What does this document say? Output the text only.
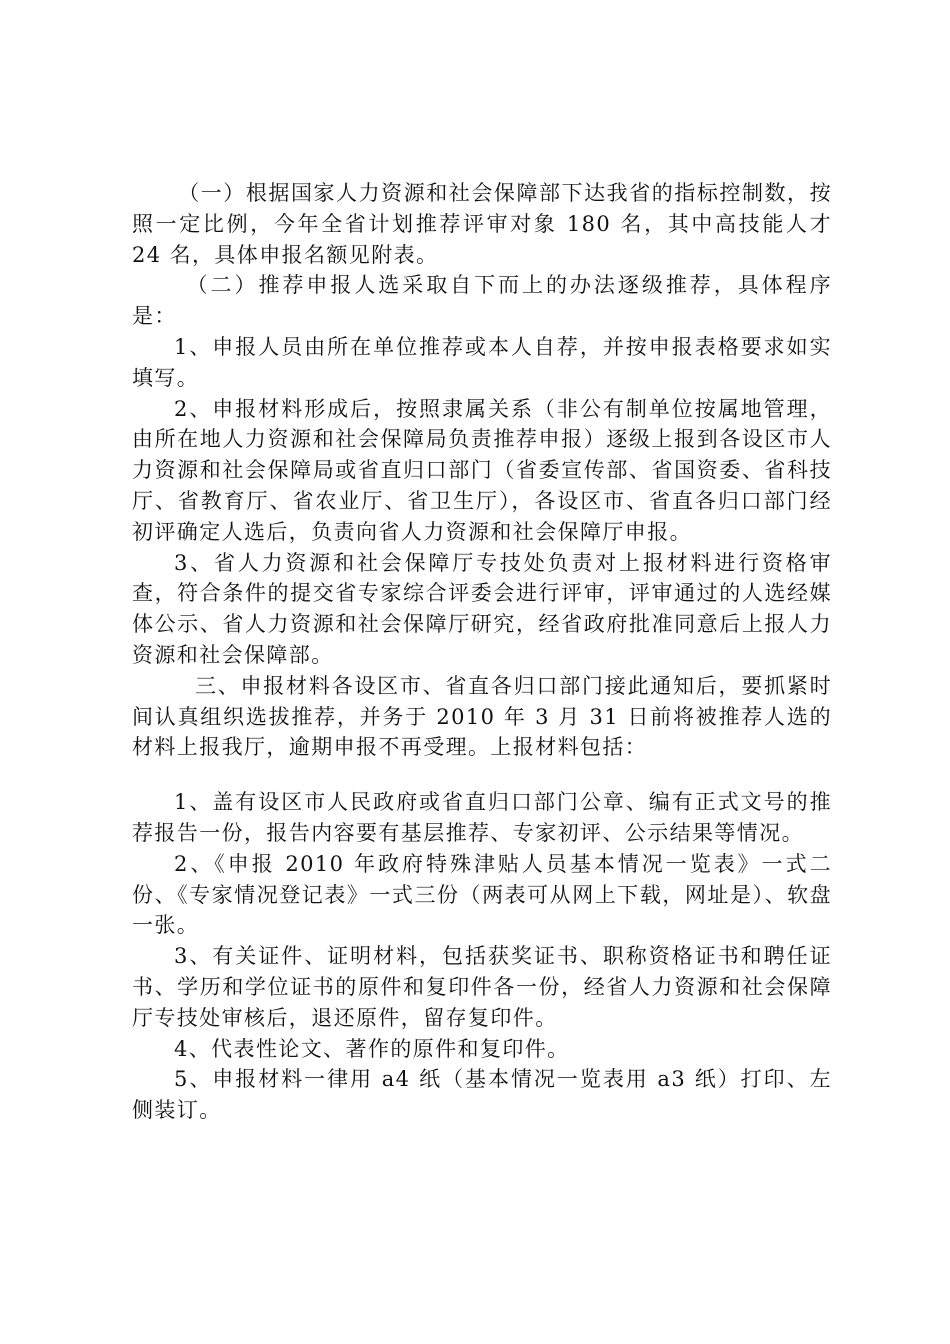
（一）根据国家人力资源和社会保障部下达我省的指标控制数，按照一定比例，今年全省计划推荐评审对象 180 名，其中高技能人才 24 名，具体申报名额见附表。

（二）推荐申报人选采取自下而上的办法逐级推荐，具体程序是：

1、申报人员由所在单位推荐或本人自荐，并按申报表格要求如实填写。

2、申报材料形成后，按照隶属关系（非公有制单位按属地管理，由所在地人力资源和社会保障局负责推荐申报）逐级上报到各设区市人力资源和社会保障局或省直归口部门（省委宣传部、省国资委、省科技厅、省教育厅、省农业厅、省卫生厅），各设区市、省直各归口部门经初评确定人选后，负责向省人力资源和社会保障厅申报。

3、省人力资源和社会保障厅专技处负责对上报材料进行资格审查，符合条件的提交省专家综合评委会进行评审，评审通过的人选经媒体公示、省人力资源和社会保障厅研究，经省政府批准同意后上报人力资源和社会保障部。

三、申报材料各设区市、省直各归口部门接此通知后，要抓紧时间认真组织选拔推荐，并务于 2010 年 3 月 31 日前将被推荐人选的材料上报我厅，逾期申报不再受理。上报材料包括：

1、盖有设区市人民政府或省直归口部门公章、编有正式文号的推荐报告一份，报告内容要有基层推荐、专家初评、公示结果等情况。

2、《申报 2010 年政府特殊津贴人员基本情况一览表》一式二份、《专家情况登记表》一式三份（两表可从网上下载，网址是）、软盘一张。

3、有关证件、证明材料，包括获奖证书、职称资格证书和聘任证书、学历和学位证书的原件和复印件各一份，经省人力资源和社会保障厅专技处审核后，退还原件，留存复印件。

4、代表性论文、著作的原件和复印件。

5、申报材料一律用 a4 纸（基本情况一览表用 a3 纸）打印、左侧装订。
